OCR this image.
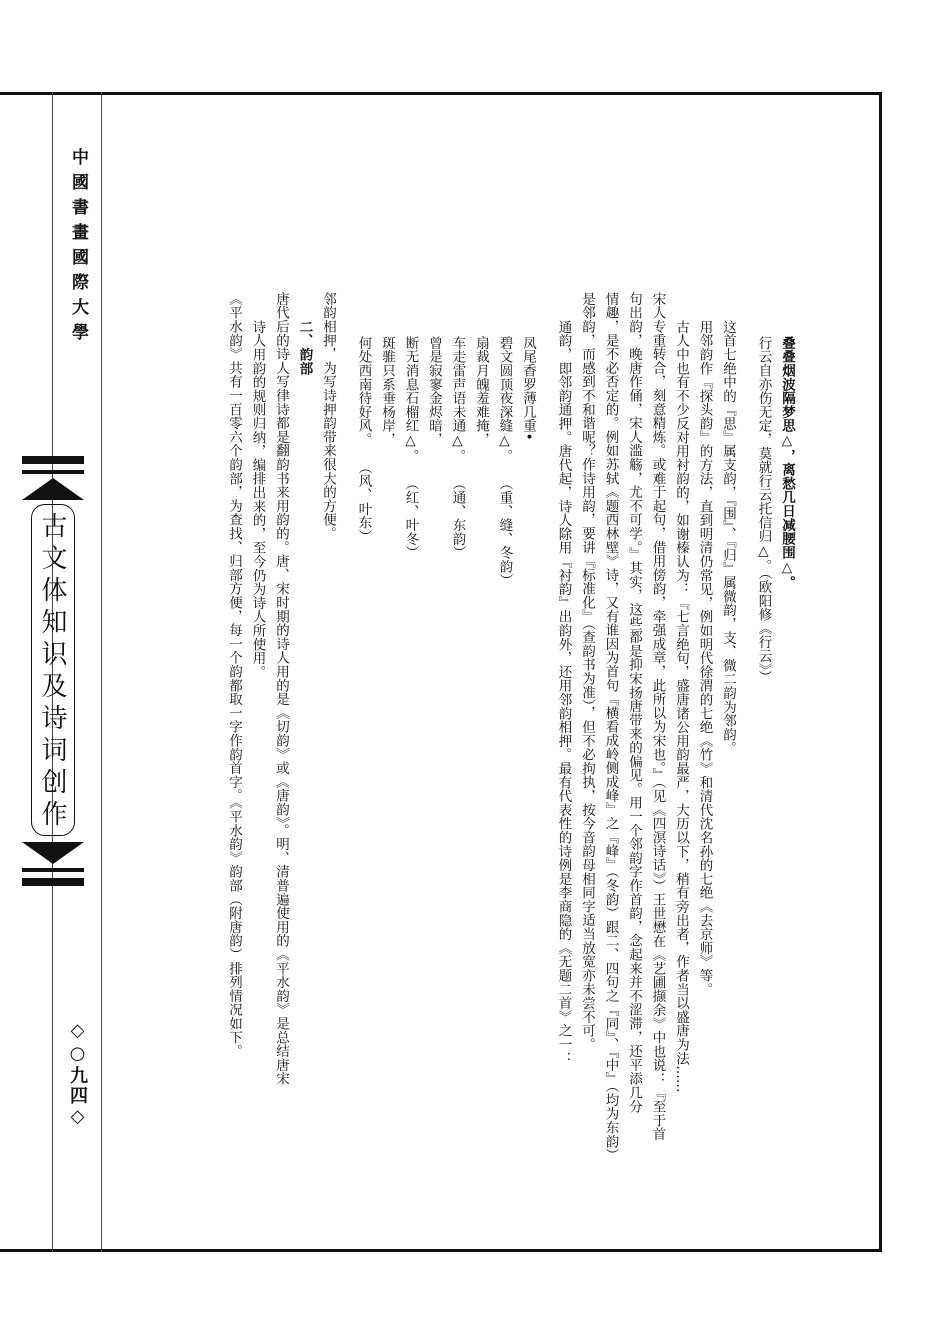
中國書畫國際大學
古文体知识及诗词创作
◇○九四◇

叠叠烟波隔梦思△，离愁几日减腰围△。

行云自亦伤无定，莫就行云托信归△。（欧阳修《行云》）

这首七绝中的『思』属支韵，『围』、『归』属微韵，支、微二韵为邻韵。

用邻韵作『探头韵』的方法，直到明清仍常见，例如明代徐渭的七绝《竹》和清代沈名孙的七绝《去京师》等。

古人中也有不少反对用衬韵的，如谢榛认为：『七言绝句，盛唐诸公用韵最严，大历以下，稍有旁出者，作者当以盛唐为法……

宋人专重转合，刻意精炼。或难于起句，借用傍韵，牵强成章，此所以为宋也。』（见《四溟诗话》）王世懋在《艺圃撷余》中也说：『至于首

句出韵，晚唐作俑，宋人滥觞，尤不可学。』其实，这些都是抑宋扬唐带来的偏见。用一个邻韵字作首韵，念起来并不涩滞，还平添几分

情趣，是不必否定的。例如苏轼《题西林壁》诗，又有谁因为首句『横看成岭侧成峰』之『峰』（冬韵）跟二、四句之『同』、『中』（均为东韵）

是邻韵，而感到不和谐呢？作诗用韵，要讲『标准化』（查韵书为准），但不必拘执，按今音韵母相同字适当放宽亦未尝不可。

通韵，即邻韵通押。唐代起，诗人除用『衬韵』出韵外，还用邻韵相押。最有代表性的诗例是李商隐的《无题二首》之一：

凤尾香罗薄几重•

碧文圆顶夜深缝△。　　（重、缝、冬韵）

扇裁月魄羞难掩，

车走雷声语未通△。　　（通、东韵）

曾是寂寥金烬暗，

断无消息石榴红△。　　（红、叶冬）

斑骓只系垂杨岸，

何处西南待好风。　　（风、叶东）

邻韵相押，为写诗押韵带来很大的方便。

二、韵部

唐代后的诗人写律诗都是翻韵书来用韵的。唐、宋时期的诗人用的是《切韵》或《唐韵》。明、清普遍使用的《平水韵》是总结唐宋

诗人用韵的规则归纳，编排出来的，至今仍为诗人所使用。

《平水韵》共有一百零六个韵部，为查找、归部方便，每一个韵都取一字作韵首字。《平水韵》韵部（附唐韵）排列情况如下。
